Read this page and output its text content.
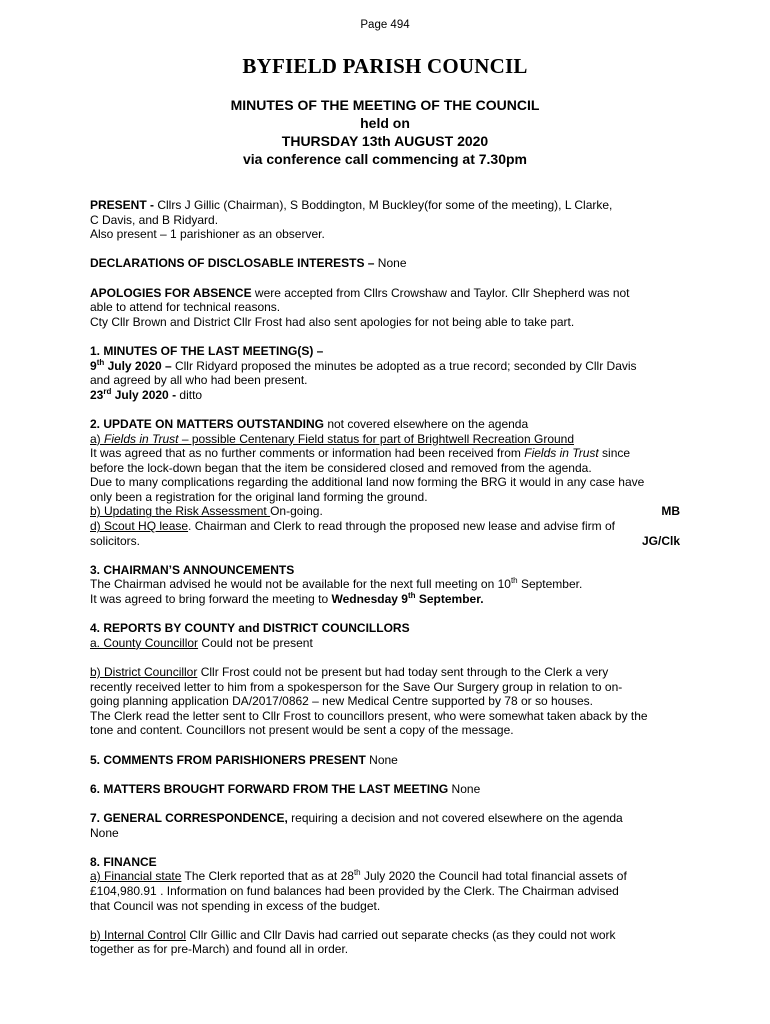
Page 494
BYFIELD PARISH COUNCIL
MINUTES OF THE MEETING OF THE COUNCIL
held on
THURSDAY 13th AUGUST 2020
via conference call commencing at 7.30pm

PRESENT - Cllrs J Gillic (Chairman), S Boddington, M Buckley(for some of the meeting), L Clarke,

C Davis, and B Ridyard.

Also present – 1 parishioner as an observer.

DECLARATIONS OF DISCLOSABLE INTERESTS – None

APOLOGIES FOR ABSENCE were accepted from Cllrs Crowshaw and Taylor. Cllr Shepherd was not

able to attend for technical reasons.

Cty Cllr Brown and District Cllr Frost had also sent apologies for not being able to take part.

1. MINUTES OF THE LAST MEETING(S) –

9th July 2020 – Cllr Ridyard proposed the minutes be adopted as a true record; seconded by Cllr Davis

and agreed by all who had been present.

23rd July 2020 - ditto

2. UPDATE ON MATTERS OUTSTANDING not covered elsewhere on the agenda

a) Fields in Trust – possible Centenary Field status for part of Brightwell Recreation Ground

It was agreed that as no further comments or information had been received from Fields in Trust since

before the lock-down began that the item be considered closed and removed from the agenda.

Due to many complications regarding the additional land now forming the BRG it would in any case have

only been a registration for the original land forming the ground.

b) Updating the Risk Assessment On-going.	MB

d) Scout HQ lease. Chairman and Clerk to read through the proposed new lease and advise firm of

solicitors.	JG/Clk

3. CHAIRMAN’S ANNOUNCEMENTS

The Chairman advised he would not be available for the next full meeting on 10th September.

It was agreed to bring forward the meeting to Wednesday 9th September.

4. REPORTS BY COUNTY and DISTRICT COUNCILLORS

a. County Councillor Could not be present

b) District Councillor Cllr Frost could not be present but had today sent through to the Clerk a very

recently received letter to him from a spokesperson for the Save Our Surgery group in relation to on-

going planning application DA/2017/0862 – new Medical Centre supported by 78 or so houses.

The Clerk read the letter sent to Cllr Frost to councillors present, who were somewhat taken aback by the

tone and content. Councillors not present would be sent a copy of the message.

5. COMMENTS FROM PARISHIONERS PRESENT None

6. MATTERS BROUGHT FORWARD FROM THE LAST MEETING None

7. GENERAL CORRESPONDENCE, requiring a decision and not covered elsewhere on the agenda

None

8. FINANCE

a) Financial state The Clerk reported that as at 28th July 2020 the Council had total financial assets of

£104,980.91 . Information on fund balances had been provided by the Clerk. The Chairman advised

that Council was not spending in excess of the budget.

b) Internal Control Cllr Gillic and Cllr Davis had carried out separate checks (as they could not work

together as for pre-March) and found all in order.
